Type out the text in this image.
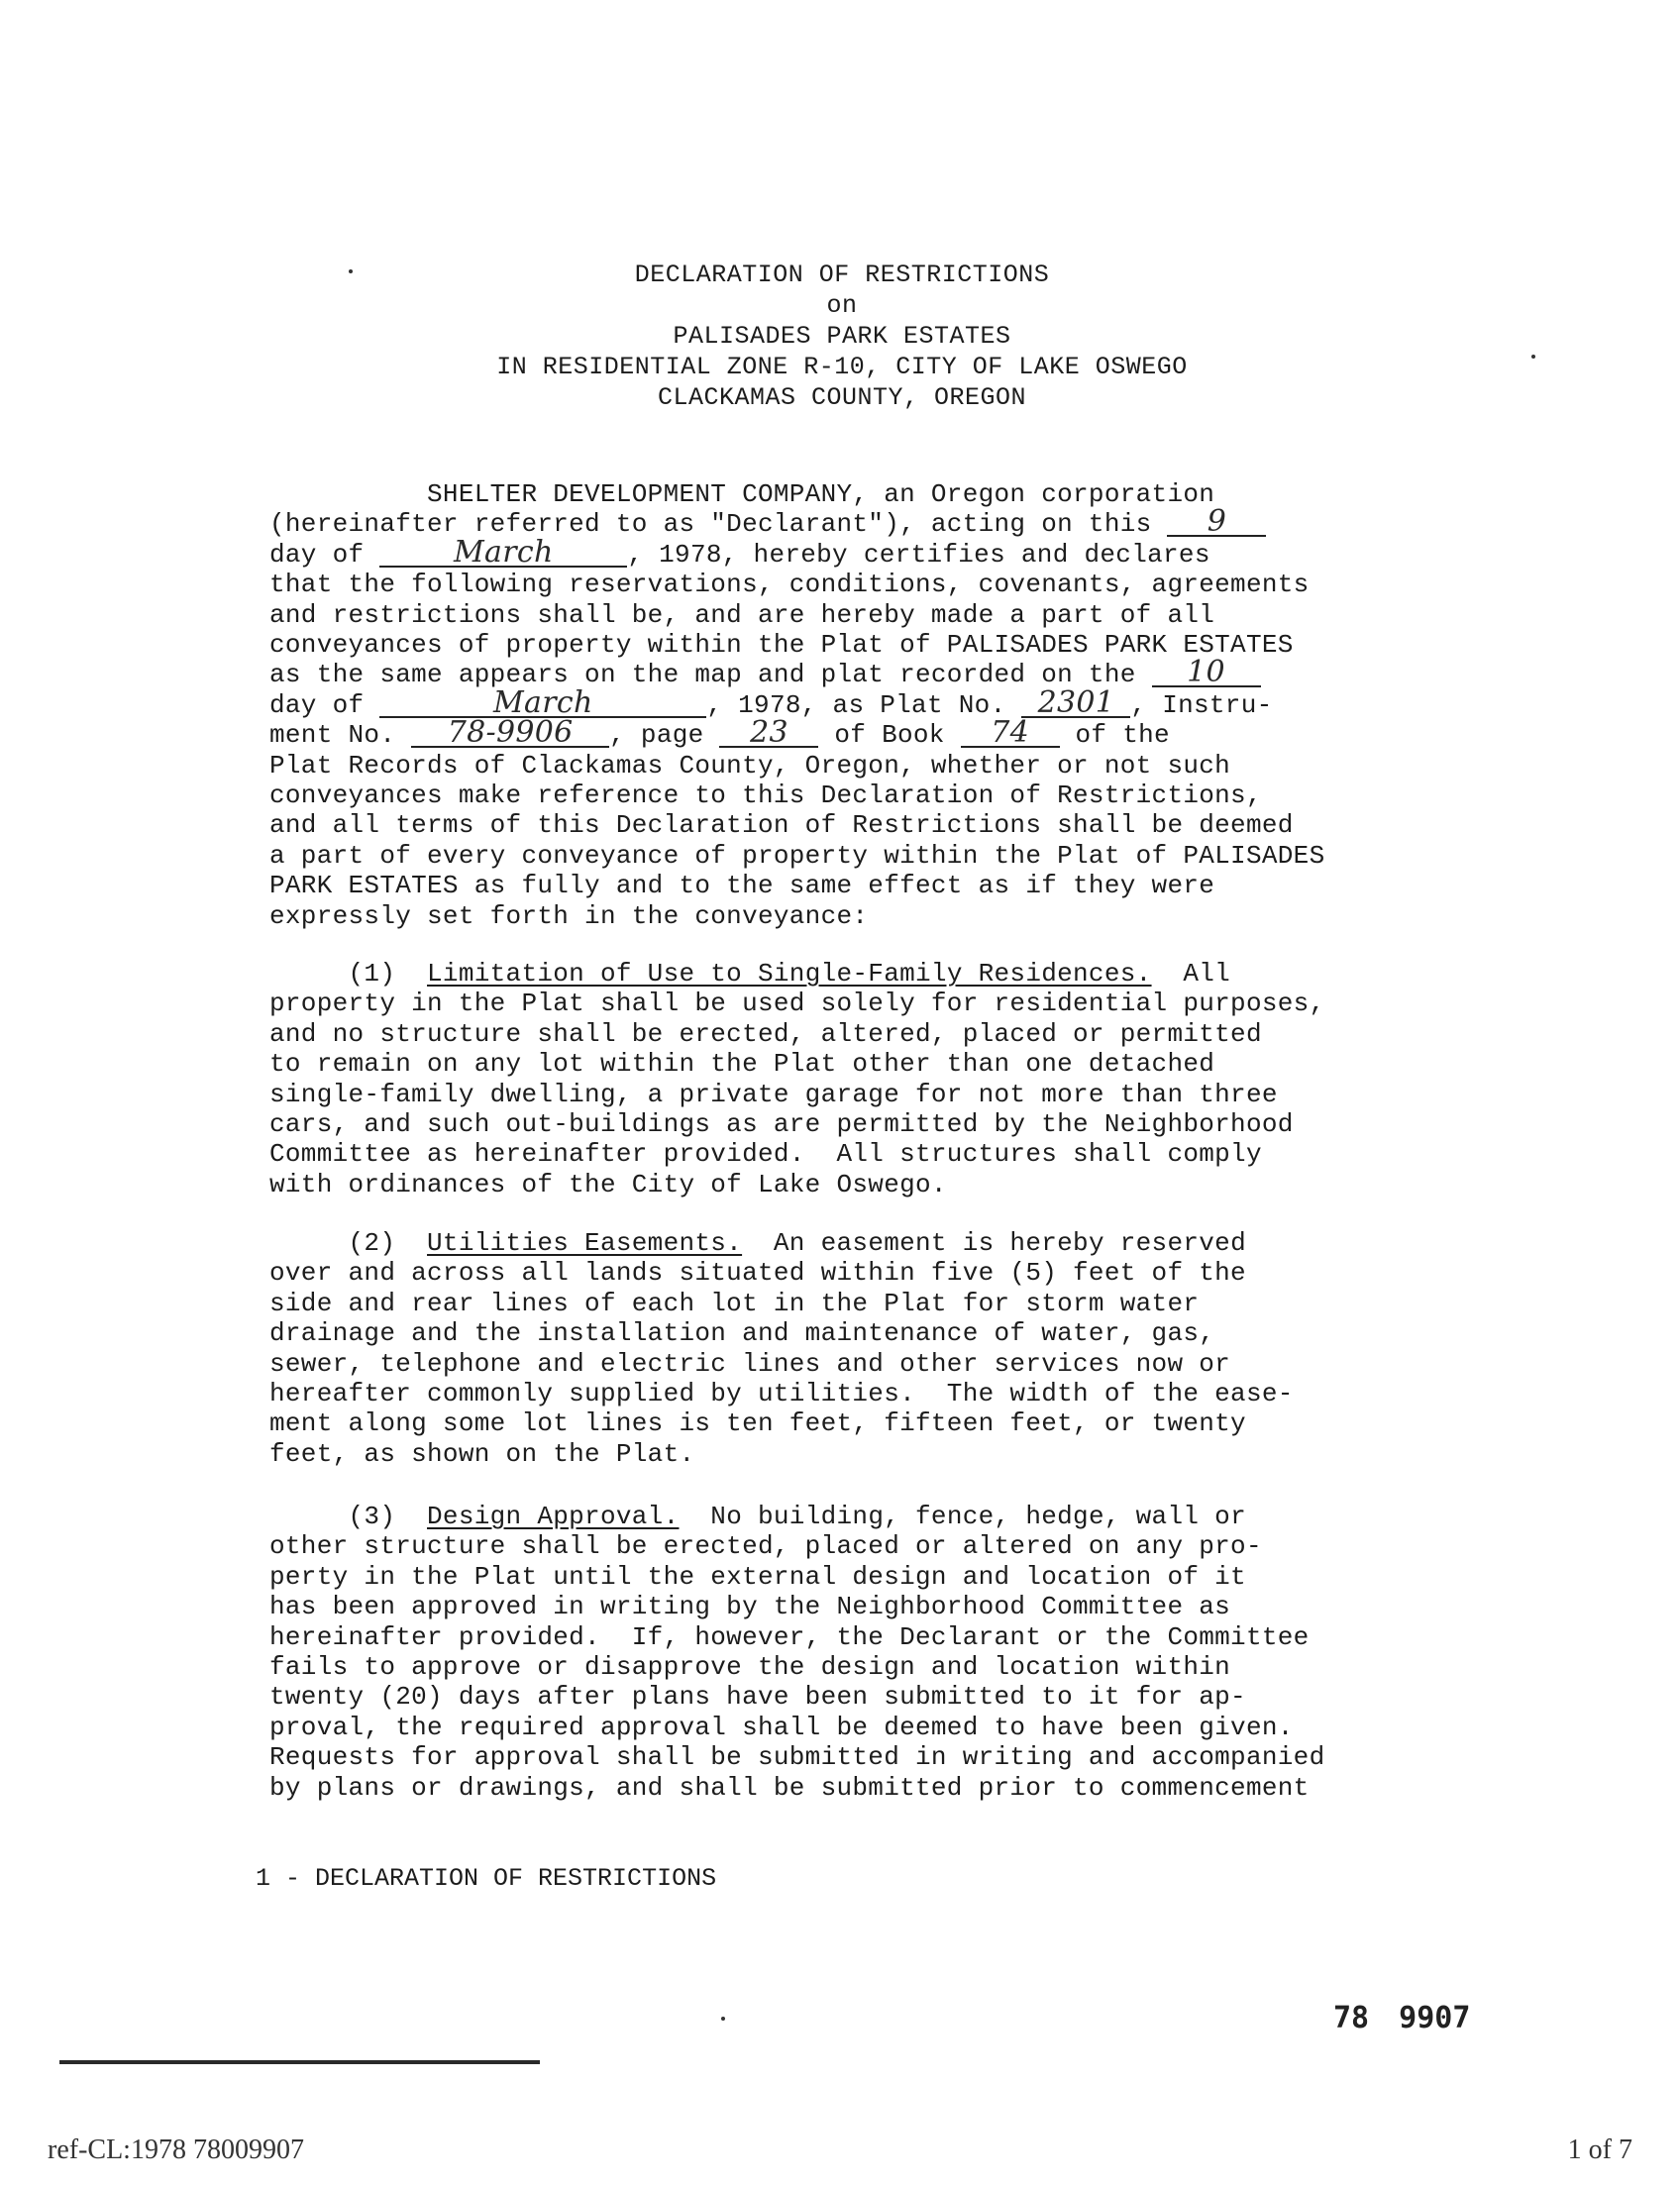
DECLARATION OF RESTRICTIONS
on
PALISADES PARK ESTATES
IN RESIDENTIAL ZONE R-10, CITY OF LAKE OSWEGO
CLACKAMAS COUNTY, OREGON
SHELTER DEVELOPMENT COMPANY, an Oregon corporation
(hereinafter referred to as "Declarant"), acting on this 9
day of March	, 1978, hereby certifies and declares
that the following reservations, conditions, covenants, agreements
and restrictions shall be, and are hereby made a part of all
conveyances of property within the Plat of PALISADES PARK ESTATES
as the same appears on the map and plat recorded on the 10
day of	March	, 1978, as Plat No. 2301 , Instru-
ment No. 78-9906 , page 23 of Book 74 of the
Plat Records of Clackamas County, Oregon, whether or not such
conveyances make reference to this Declaration of Restrictions,
and all terms of this Declaration of Restrictions shall be deemed
a part of every conveyance of property within the Plat of PALISADES
PARK ESTATES as fully and to the same effect as if they were
expressly set forth in the conveyance:
(1)  Limitation of Use to Single-Family Residences.  All
property in the Plat shall be used solely for residential purposes,
and no structure shall be erected, altered, placed or permitted
to remain on any lot within the Plat other than one detached
single-family dwelling, a private garage for not more than three
cars, and such out-buildings as are permitted by the Neighborhood
Committee as hereinafter provided.  All structures shall comply
with ordinances of the City of Lake Oswego.
(2)  Utilities Easements.  An easement is hereby reserved
over and across all lands situated within five (5) feet of the
side and rear lines of each lot in the Plat for storm water
drainage and the installation and maintenance of water, gas,
sewer, telephone and electric lines and other services now or
hereafter commonly supplied by utilities.  The width of the ease-
ment along some lot lines is ten feet, fifteen feet, or twenty
feet, as shown on the Plat.
(3)  Design Approval.  No building, fence, hedge, wall or
other structure shall be erected, placed or altered on any pro-
perty in the Plat until the external design and location of it
has been approved in writing by the Neighborhood Committee as
hereinafter provided.  If, however, the Declarant or the Committee
fails to approve or disapprove the design and location within
twenty (20) days after plans have been submitted to it for ap-
proval, the required approval shall be deemed to have been given.
Requests for approval shall be submitted in writing and accompanied
by plans or drawings, and shall be submitted prior to commencement
1 - DECLARATION OF RESTRICTIONS
78 9907
ref-CL:1978 78009907	1 of 7
